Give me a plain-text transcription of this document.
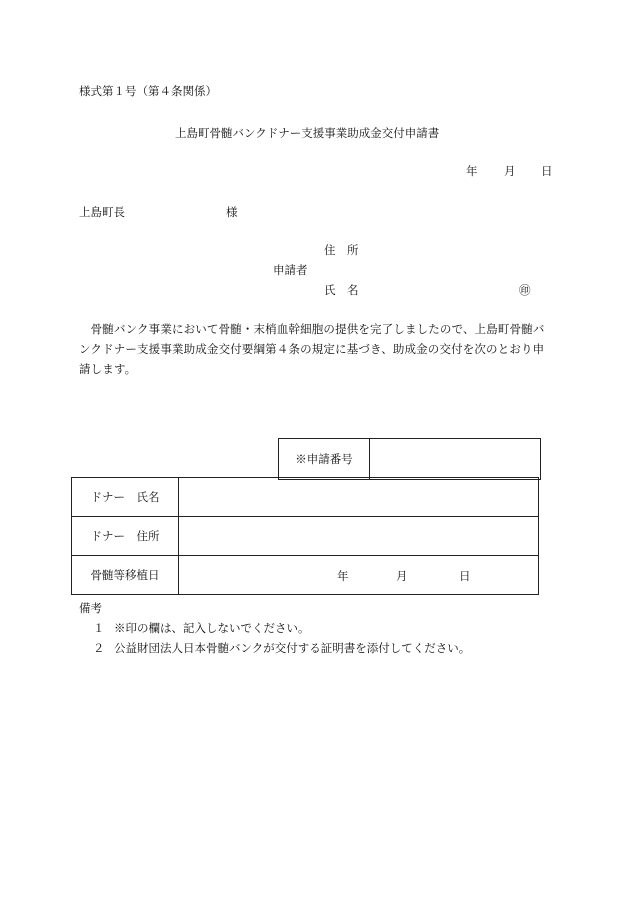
様式第１号（第４条関係）
上島町骨髄バンクドナー支援事業助成金交付申請書
年 月 日
上島町長	様
住　所
申請者
氏　名	㊞
　骨髄バンク事業において骨髄・末梢血幹細胞の提供を完了しましたので、上島町骨髄バンクドナー支援事業助成金交付要綱第４条の規定に基づき、助成金の交付を次のとおり申請します。
※申請番号	
ドナー　氏名	
ドナー　住所	
骨髄等移植日	年 月 日
備考
１ ※印の欄は、記入しないでください。
２ 公益財団法人日本骨髄バンクが交付する証明書を添付してください。
